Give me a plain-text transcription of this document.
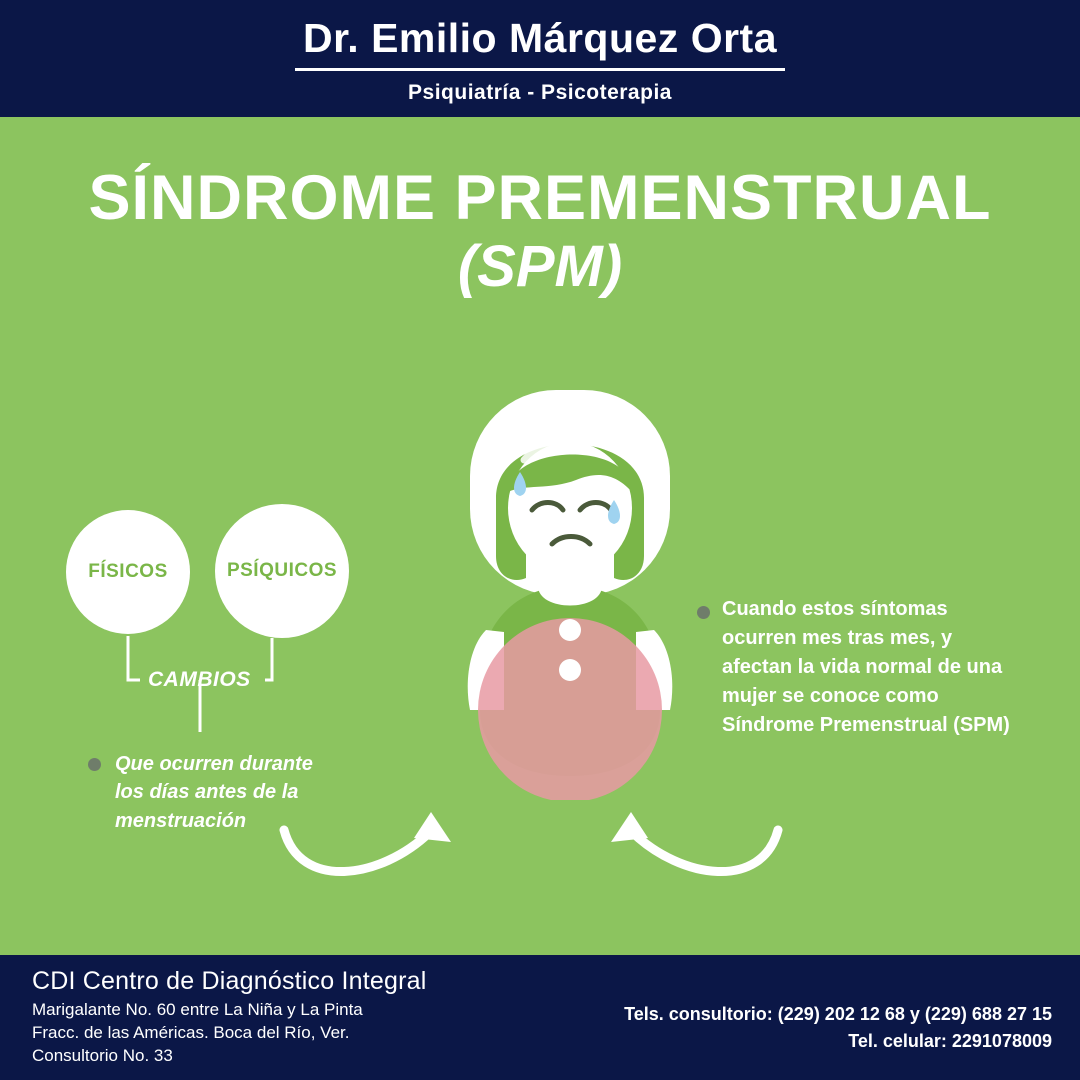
Dr. Emilio Márquez Orta
Psiquiatría - Psicoterapia
SÍNDROME PREMENSTRUAL
(SPM)
FÍSICOS	PSÍQUICOS
CAMBIOS
Que ocurren durante los días antes de la menstruación
Cuando estos síntomas ocurren mes tras mes, y afectan la vida normal de una mujer se conoce como Síndrome Premenstrual (SPM)
CDI Centro de Diagnóstico Integral
Marigalante No. 60 entre La Niña y La Pinta
Fracc. de las Américas. Boca del Río, Ver.
Consultorio No. 33
Tels. consultorio: (229) 202 12 68 y (229) 688 27 15
Tel. celular: 2291078009
